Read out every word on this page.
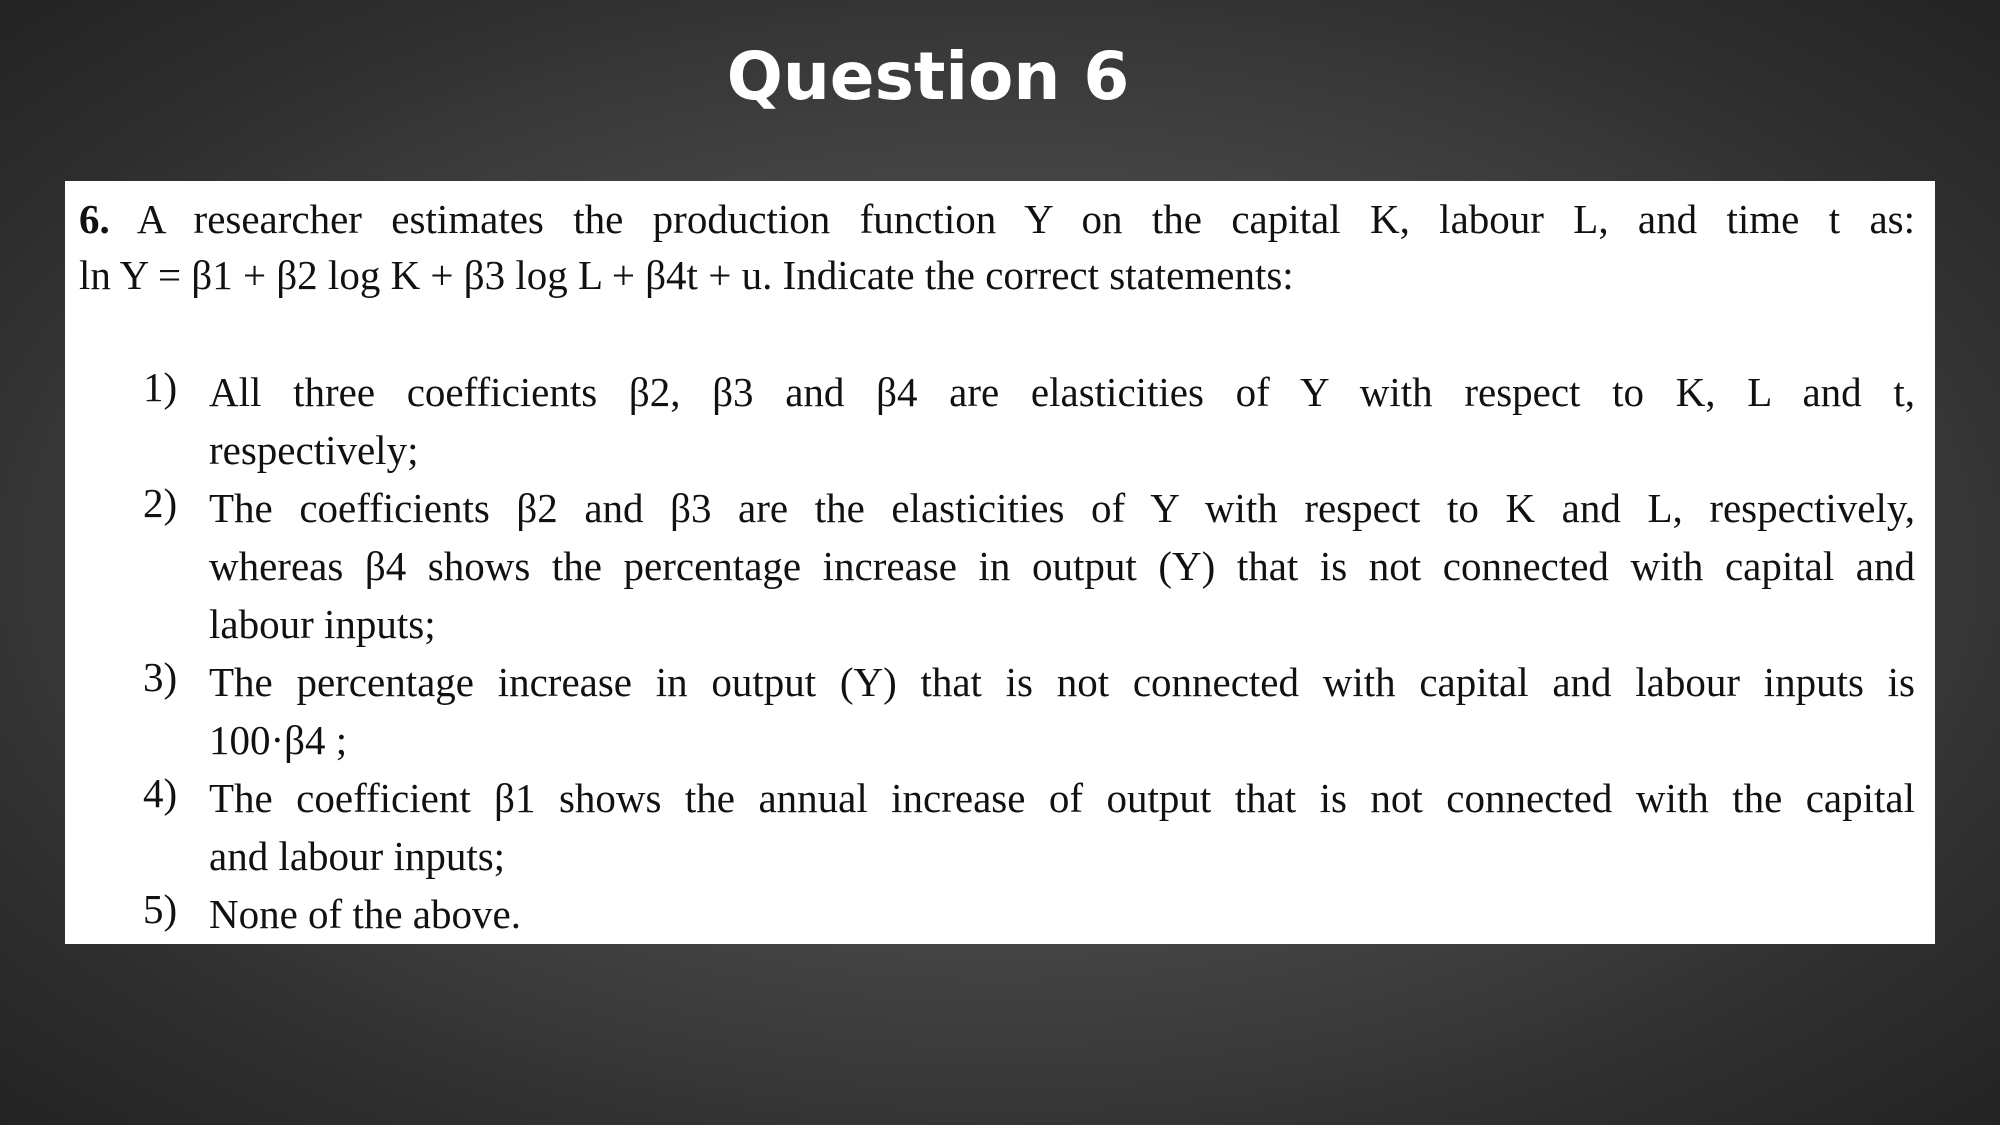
Question 6
6. A researcher estimates the production function Y on the capital K, labour L, and time t as:
ln Y = β1 + β2 log K + β3 log L + β4t + u. Indicate the correct statements:
1) All three coefficients β2, β3 and β4 are elasticities of Y with respect to K, L and t,
respectively;
2) The coefficients β2 and β3 are the elasticities of Y with respect to K and L, respectively,
whereas β4 shows the percentage increase in output (Y) that is not connected with capital and
labour inputs;
3) The percentage increase in output (Y) that is not connected with capital and labour inputs is
100·β4 ;
4) The coefficient β1 shows the annual increase of output that is not connected with the capital
and labour inputs;
5) None of the above.
